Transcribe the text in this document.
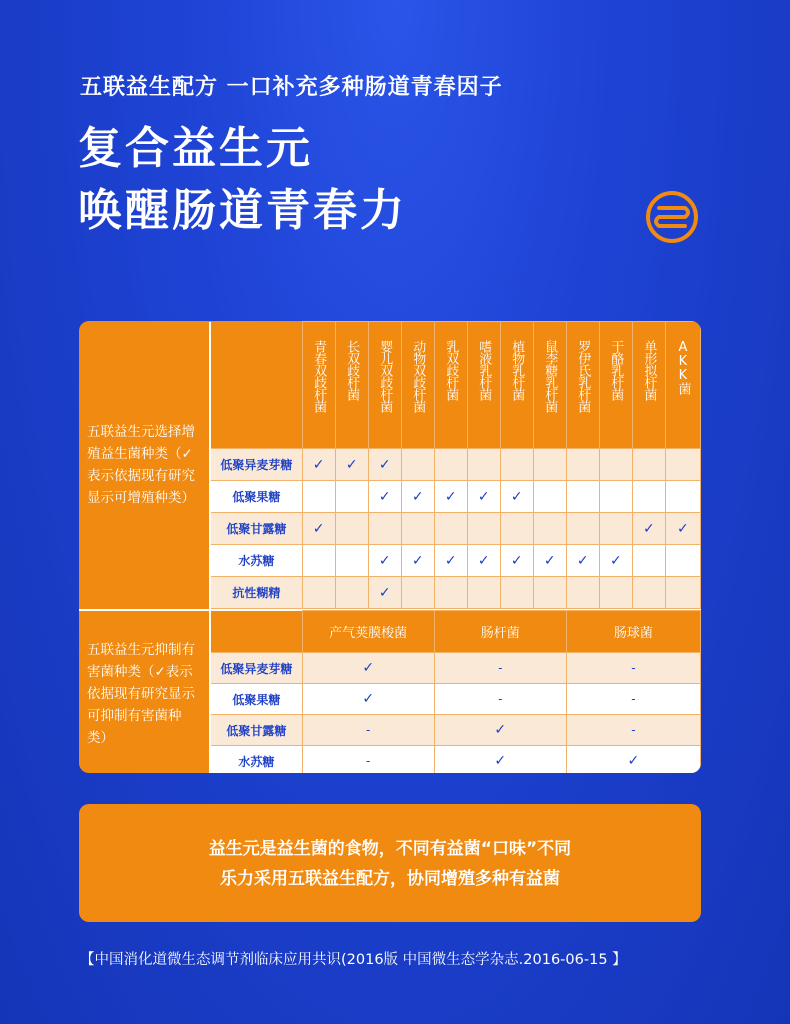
五联益生配方 一口补充多种肠道青春因子
复合益生元
唤醒肠道青春力
五联益生元选择增殖益生菌种类（✓表示依据现有研究显示可增殖种类）		青春双歧杆菌	长双歧杆菌	婴儿双歧杆菌	动物双歧杆菌	乳双歧杆菌	嗜液乳杆菌	植物乳杆菌	鼠李糖乳杆菌	罗伊氏乳杆菌	干酪乳杆菌	单形拟杆菌	AKK菌
	低聚异麦芽糖	✓	✓	✓									
	低聚果糖			✓	✓	✓	✓	✓					
	低聚甘露糖	✓										✓	✓
	水苏糖			✓	✓	✓	✓	✓	✓	✓	✓		
	抗性糊精			✓									

五联益生元抑制有害菌种类（✓表示依据现有研究显示可抑制有害菌种类）		产气荚膜梭菌				肠杆菌				肠球菌			
	低聚异麦芽糖	✓				-				-			
	低聚果糖	✓				-				-			
	低聚甘露糖	-				✓				-			
	水苏糖	-				✓				✓			
益生元是益生菌的食物，不同有益菌“口味”不同
乐力采用五联益生配方，协同增殖多种有益菌
【中国消化道微生态调节剂临床应用共识(2016版 中国微生态学杂志.2016-06-15 】
